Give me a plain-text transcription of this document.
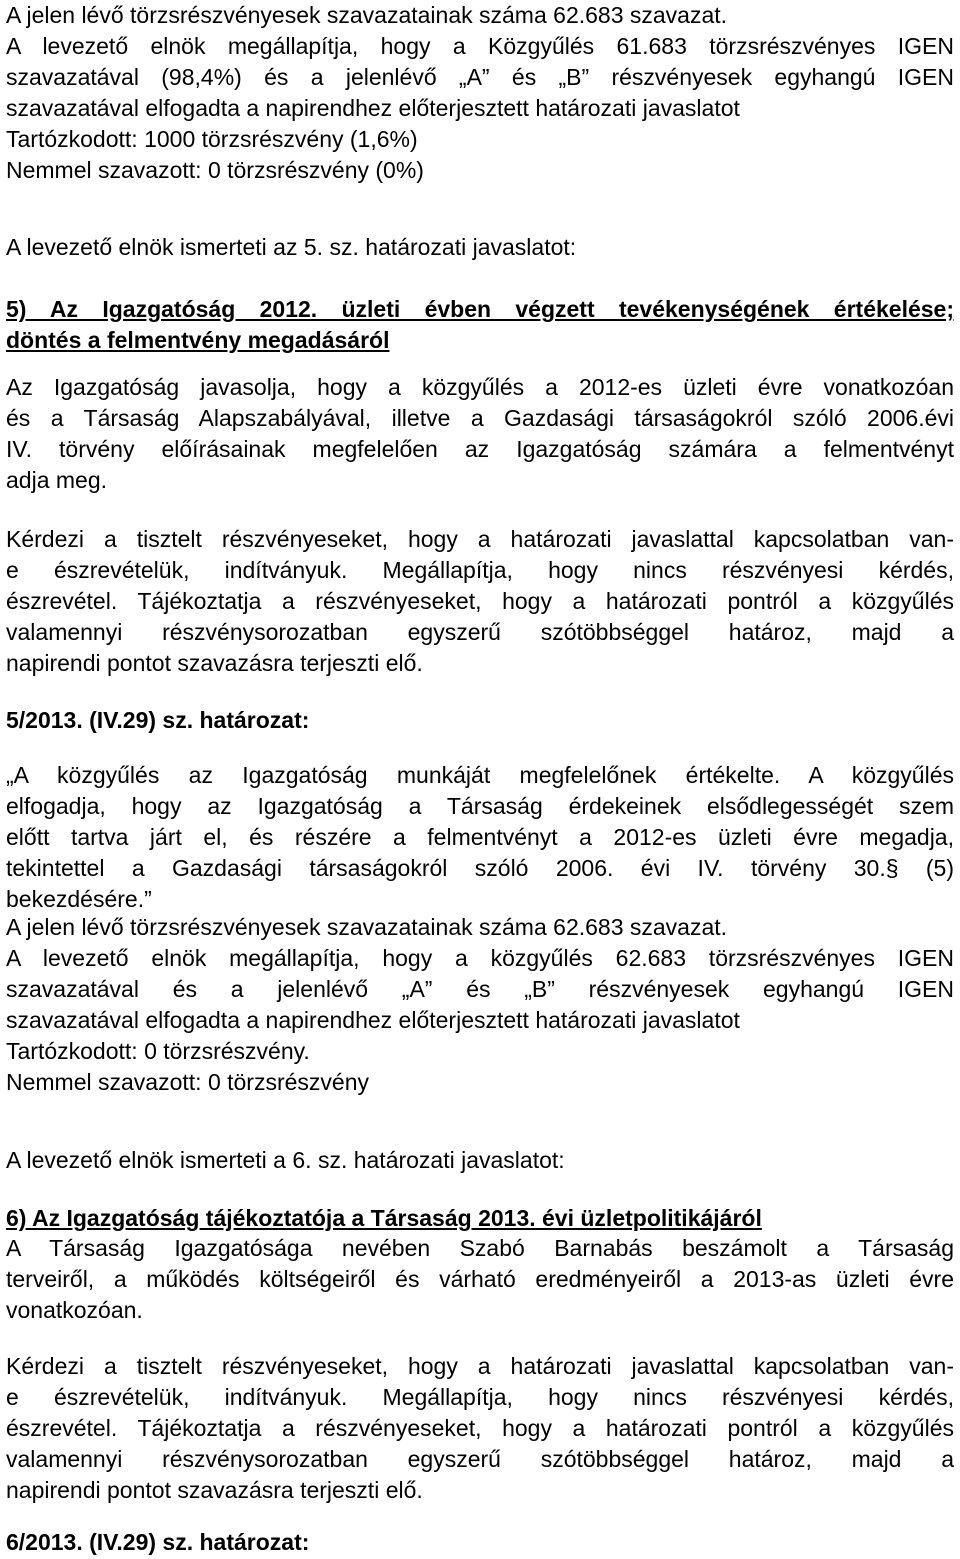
A jelen lévő törzsrészvényesek szavazatainak száma 62.683 szavazat.
A levezető elnök megállapítja, hogy a Közgyűlés 61.683 törzsrészvényes IGEN
szavazatával (98,4%) és a jelenlévő „A” és „B” részvényesek egyhangú IGEN
szavazatával elfogadta a napirendhez előterjesztett határozati javaslatot
Tartózkodott: 1000 törzsrészvény (1,6%)
Nemmel szavazott: 0 törzsrészvény (0%)
A levezető elnök ismerteti az 5. sz. határozati javaslatot:
5) Az Igazgatóság 2012. üzleti évben végzett tevékenységének értékelése;
döntés a felmentvény megadásáról
Az Igazgatóság javasolja, hogy a közgyűlés a 2012-es üzleti évre vonatkozóan
és a Társaság Alapszabályával, illetve a Gazdasági társaságokról szóló 2006.évi
IV. törvény előírásainak megfelelően az Igazgatóság számára a felmentvényt
adja meg.
Kérdezi a tisztelt részvényeseket, hogy a határozati javaslattal kapcsolatban van-
e észrevételük, indítványuk. Megállapítja, hogy nincs részvényesi kérdés,
észrevétel. Tájékoztatja a részvényeseket, hogy a határozati pontról a közgyűlés
valamennyi részvénysorozatban egyszerű szótöbbséggel határoz, majd a
napirendi pontot szavazásra terjeszti elő.
5/2013. (IV.29) sz. határozat:
„A közgyűlés az Igazgatóság munkáját megfelelőnek értékelte. A közgyűlés
elfogadja, hogy az Igazgatóság a Társaság érdekeinek elsődlegességét szem
előtt tartva járt el, és részére a felmentvényt a 2012-es üzleti évre megadja,
tekintettel a Gazdasági társaságokról szóló 2006. évi IV. törvény 30.§ (5)
bekezdésére.”
A jelen lévő törzsrészvényesek szavazatainak száma 62.683 szavazat.
A levezető elnök megállapítja, hogy a közgyűlés 62.683 törzsrészvényes IGEN
szavazatával és a jelenlévő „A” és „B” részvényesek egyhangú IGEN
szavazatával elfogadta a napirendhez előterjesztett határozati javaslatot
Tartózkodott: 0 törzsrészvény.
Nemmel szavazott: 0 törzsrészvény
A levezető elnök ismerteti a 6. sz. határozati javaslatot:
6) Az Igazgatóság tájékoztatója a Társaság 2013. évi üzletpolitikájáról
A Társaság Igazgatósága nevében Szabó Barnabás beszámolt a Társaság
terveiről, a működés költségeiről és várható eredményeiről a 2013-as üzleti évre
vonatkozóan.
Kérdezi a tisztelt részvényeseket, hogy a határozati javaslattal kapcsolatban van-
e észrevételük, indítványuk. Megállapítja, hogy nincs részvényesi kérdés,
észrevétel. Tájékoztatja a részvényeseket, hogy a határozati pontról a közgyűlés
valamennyi részvénysorozatban egyszerű szótöbbséggel határoz, majd a
napirendi pontot szavazásra terjeszti elő.
6/2013. (IV.29) sz. határozat:
